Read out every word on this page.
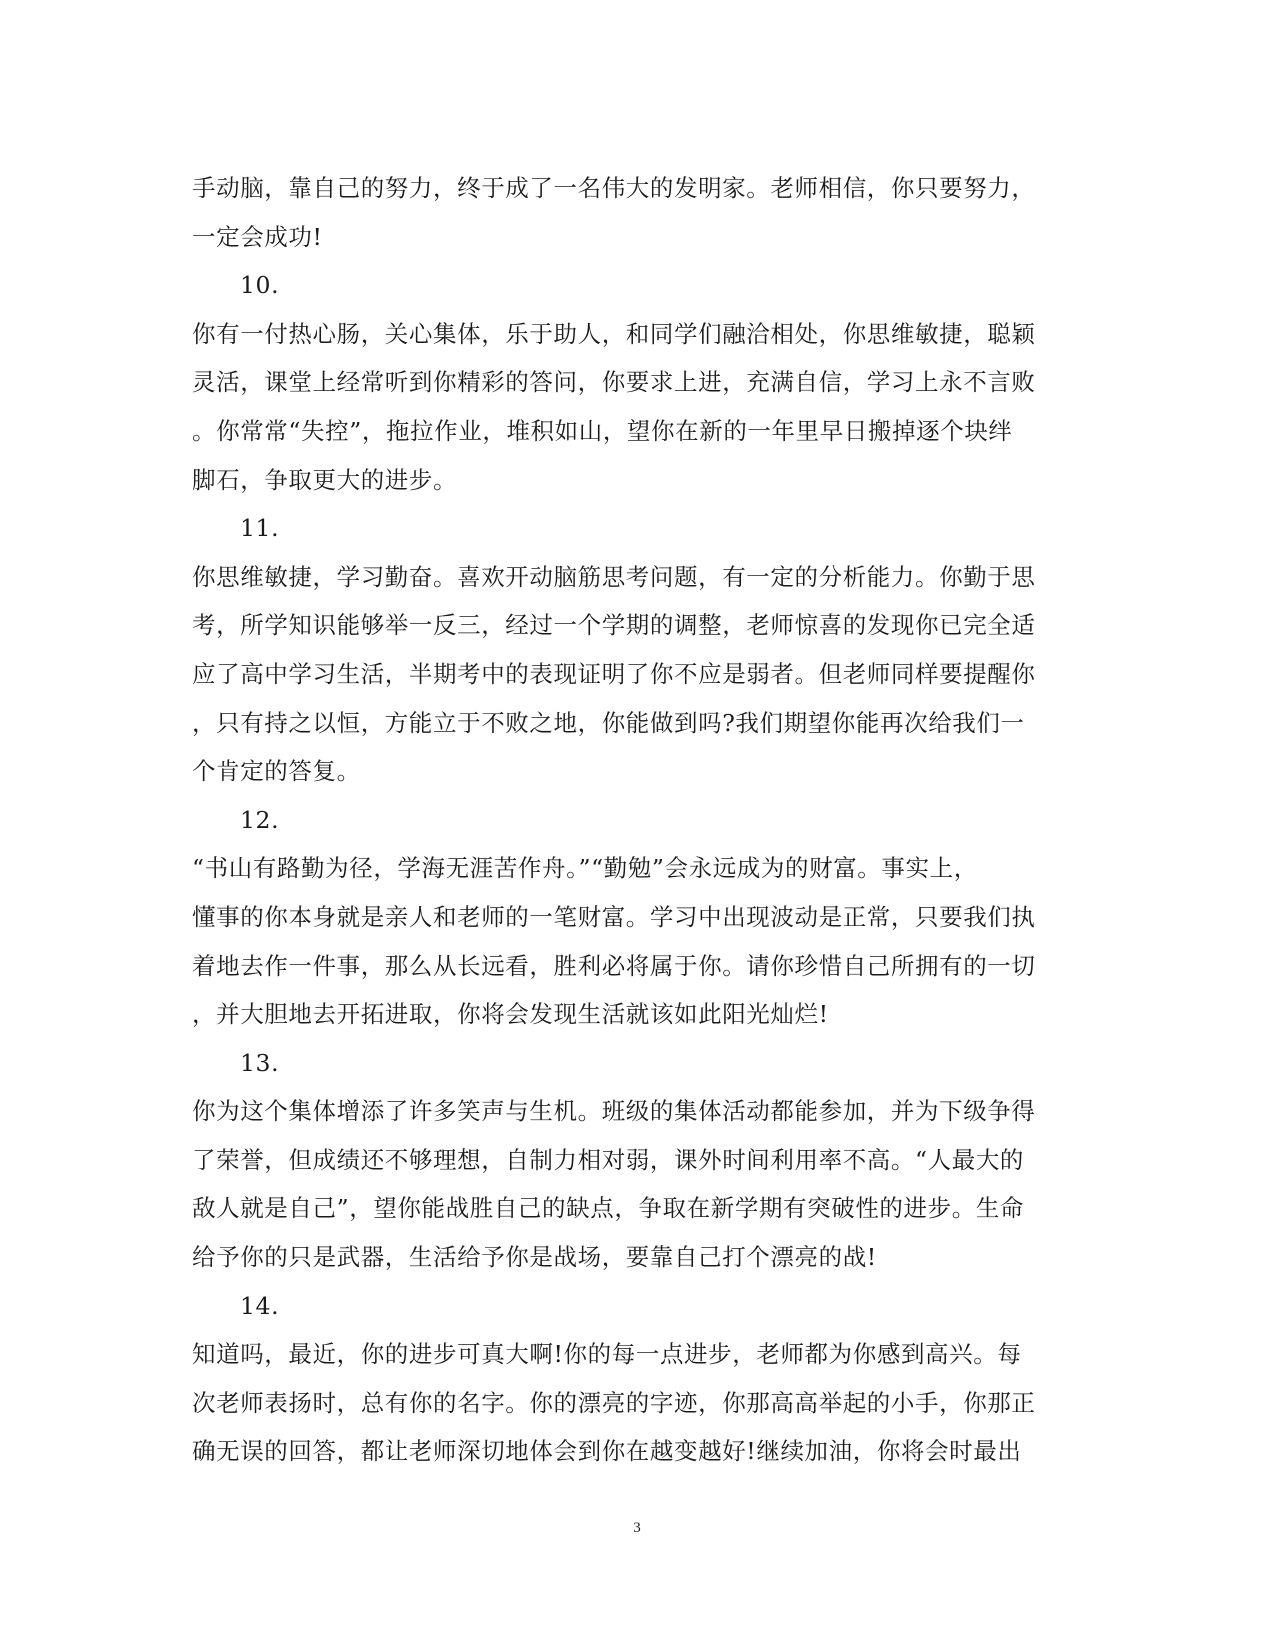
手动脑，靠自己的努力，终于成了一名伟大的发明家。老师相信，你只要努力，
一定会成功!
10.
你有一付热心肠，关心集体，乐于助人，和同学们融洽相处，你思维敏捷，聪颖
灵活，课堂上经常听到你精彩的答问，你要求上进，充满自信，学习上永不言败
。你常常“失控”，拖拉作业，堆积如山，望你在新的一年里早日搬掉逐个块绊
脚石，争取更大的进步。
11.
你思维敏捷，学习勤奋。喜欢开动脑筋思考问题，有一定的分析能力。你勤于思
考，所学知识能够举一反三，经过一个学期的调整，老师惊喜的发现你已完全适
应了高中学习生活，半期考中的表现证明了你不应是弱者。但老师同样要提醒你
，只有持之以恒，方能立于不败之地，你能做到吗?我们期望你能再次给我们一
个肯定的答复。
12.
“书山有路勤为径，学海无涯苦作舟。”“勤勉”会永远成为的财富。事实上，
懂事的你本身就是亲人和老师的一笔财富。学习中出现波动是正常，只要我们执
着地去作一件事，那么从长远看，胜利必将属于你。请你珍惜自己所拥有的一切
，并大胆地去开拓进取，你将会发现生活就该如此阳光灿烂!
13.
你为这个集体增添了许多笑声与生机。班级的集体活动都能参加，并为下级争得
了荣誉，但成绩还不够理想，自制力相对弱，课外时间利用率不高。“人最大的
敌人就是自己”，望你能战胜自己的缺点，争取在新学期有突破性的进步。生命
给予你的只是武器，生活给予你是战场，要靠自己打个漂亮的战!
14.
知道吗，最近，你的进步可真大啊!你的每一点进步，老师都为你感到高兴。每
次老师表扬时，总有你的名字。你的漂亮的字迹，你那高高举起的小手，你那正
确无误的回答，都让老师深切地体会到你在越变越好!继续加油，你将会时最出
3
